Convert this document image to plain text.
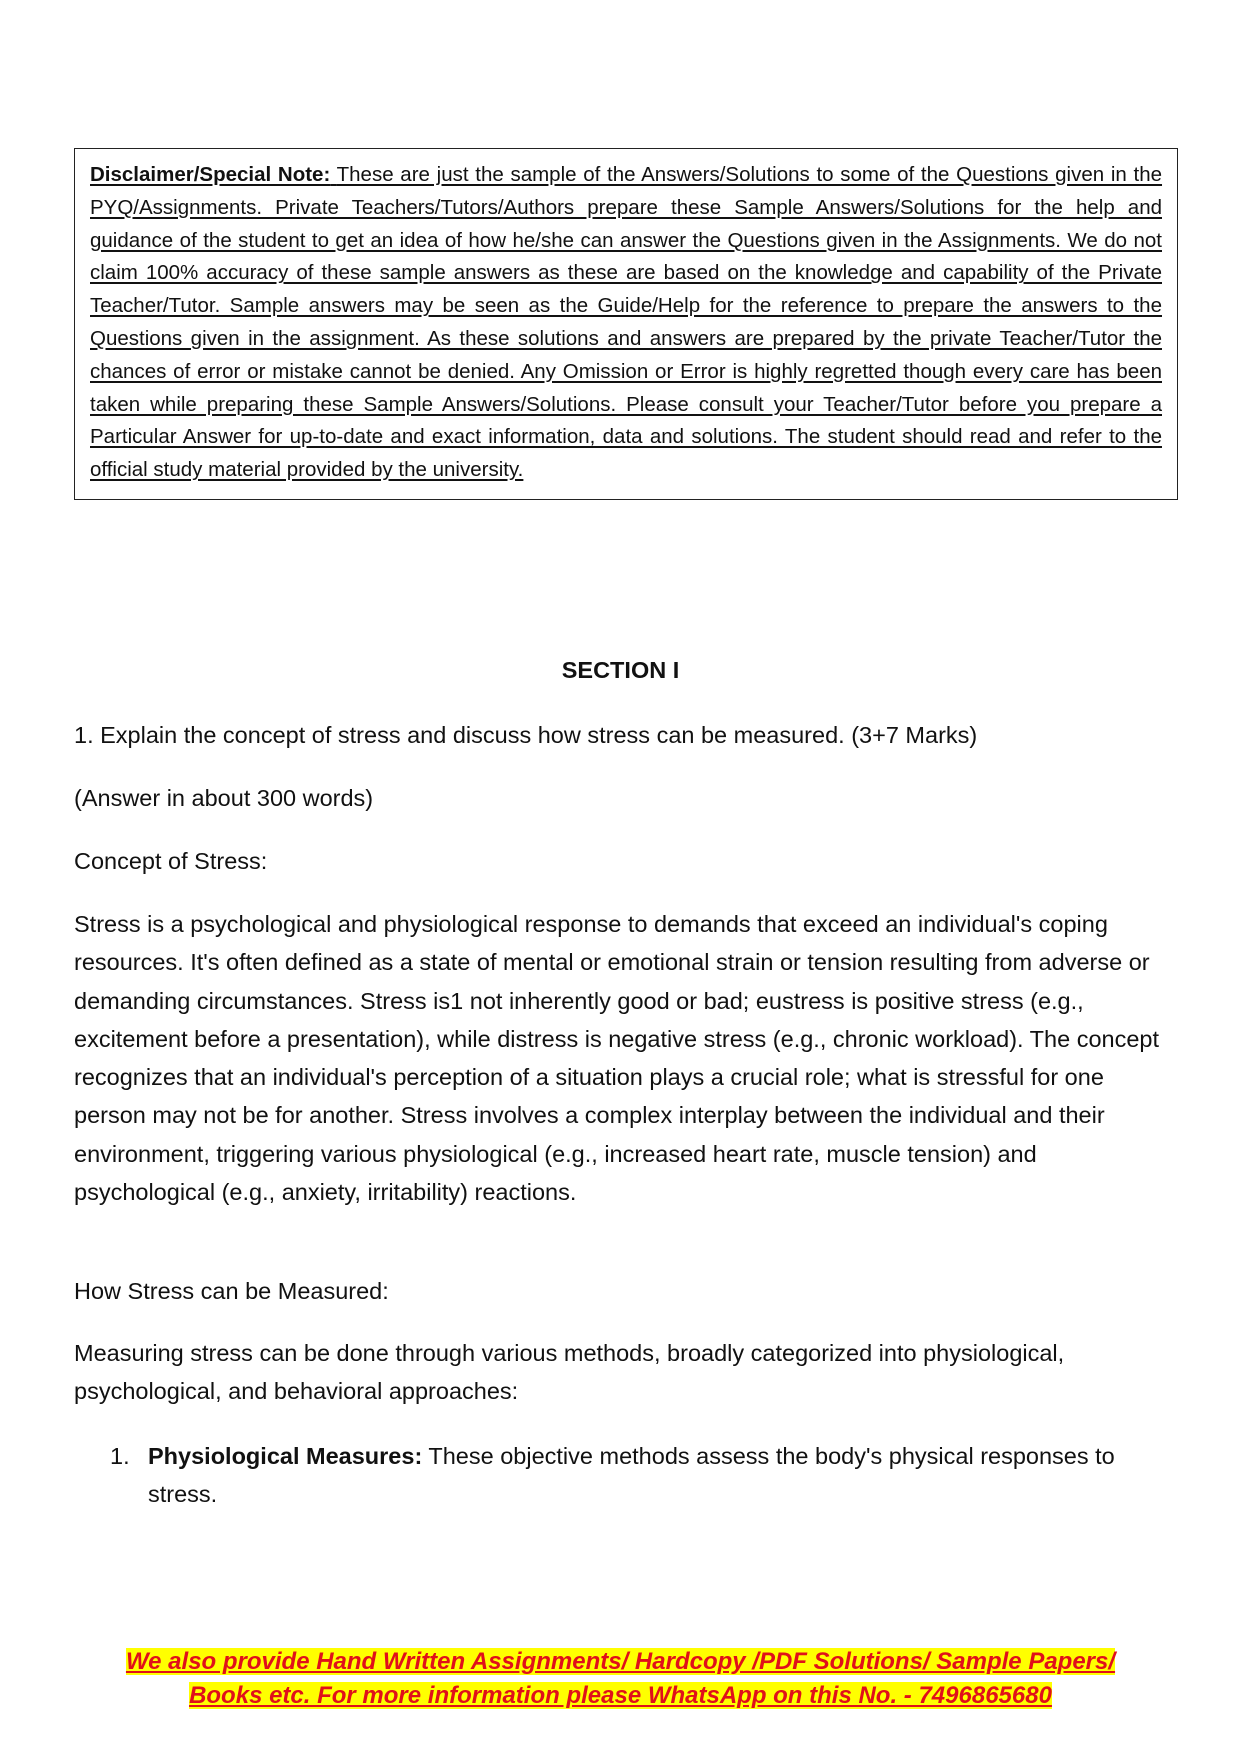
Disclaimer/Special Note: These are just the sample of the Answers/Solutions to some of the Questions given in the PYQ/Assignments. Private Teachers/Tutors/Authors prepare these Sample Answers/Solutions for the help and guidance of the student to get an idea of how he/she can answer the Questions given in the Assignments. We do not claim 100% accuracy of these sample answers as these are based on the knowledge and capability of the Private Teacher/Tutor. Sample answers may be seen as the Guide/Help for the reference to prepare the answers to the Questions given in the assignment. As these solutions and answers are prepared by the private Teacher/Tutor the chances of error or mistake cannot be denied. Any Omission or Error is highly regretted though every care has been taken while preparing these Sample Answers/Solutions. Please consult your Teacher/Tutor before you prepare a Particular Answer for up-to-date and exact information, data and solutions. The student should read and refer to the official study material provided by the university.
SECTION I

1. Explain the concept of stress and discuss how stress can be measured. (3+7 Marks)

(Answer in about 300 words)

Concept of Stress:

Stress is a psychological and physiological response to demands that exceed an individual's coping resources. It's often defined as a state of mental or emotional strain or tension resulting from adverse or demanding circumstances. Stress is1 not inherently good or bad; eustress is positive stress (e.g., excitement before a presentation), while distress is negative stress (e.g., chronic workload). The concept recognizes that an individual's perception of a situation plays a crucial role; what is stressful for one person may not be for another. Stress involves a complex interplay between the individual and their environment, triggering various physiological (e.g., increased heart rate, muscle tension) and psychological (e.g., anxiety, irritability) reactions.

How Stress can be Measured:

Measuring stress can be done through various methods, broadly categorized into physiological, psychological, and behavioral approaches:

1. Physiological Measures: These objective methods assess the body's physical responses to stress.
We also provide Hand Written Assignments/ Hardcopy /PDF Solutions/ Sample Papers/
Books etc. For more information please WhatsApp on this No. - 7496865680
